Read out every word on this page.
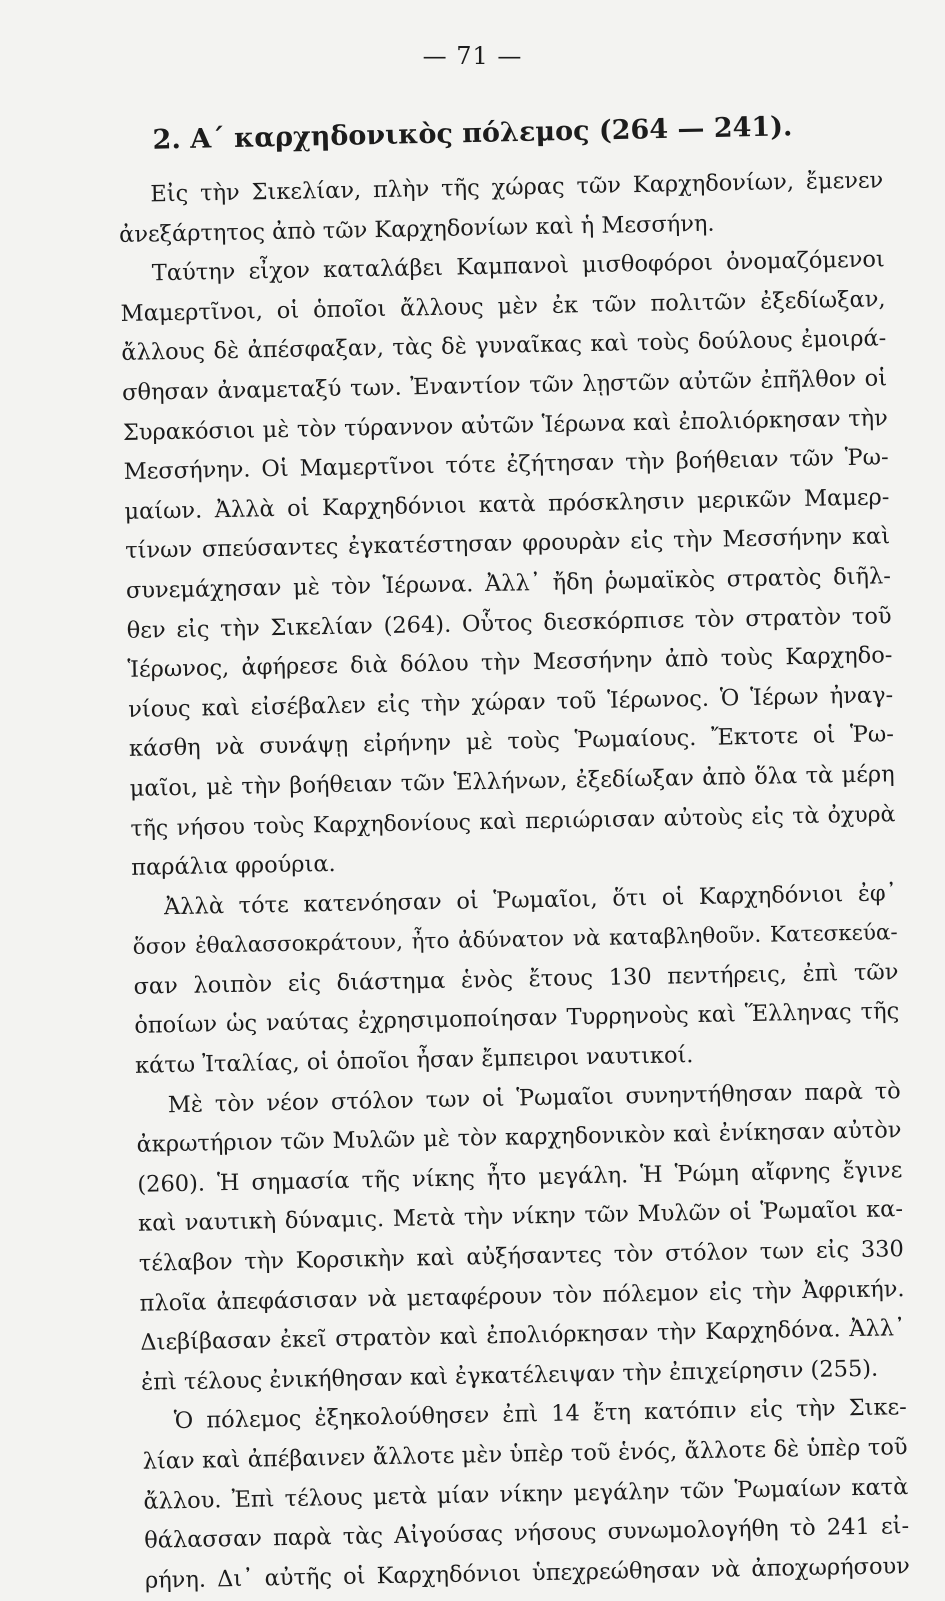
— 71 —
2. Α΄ καρχηδονικὸς πόλεμος (264 — 241).
Εἰς τὴν Σικελίαν, πλὴν τῆς χώρας τῶν Καρχηδονίων, ἔμενεν
ἀνεξάρτητος ἀπὸ τῶν Καρχηδονίων καὶ ἡ Μεσσήνη.
Ταύτην εἶχον καταλάβει Καμπανοὶ μισθοφόροι ὀνομαζόμενοι
Μαμερτῖνοι, οἱ ὁποῖοι ἄλλους μὲν ἐκ τῶν πολιτῶν ἐξεδίωξαν,
ἄλλους δὲ ἀπέσφαξαν, τὰς δὲ γυναῖκας καὶ τοὺς δούλους ἐμοιρά-
σθησαν ἀναμεταξύ των. Ἐναντίον τῶν λῃστῶν αὐτῶν ἐπῆλθον οἱ
Συρακόσιοι μὲ τὸν τύραννον αὐτῶν Ἱέρωνα καὶ ἐπολιόρκησαν τὴν
Μεσσήνην. Οἱ Μαμερτῖνοι τότε ἐζήτησαν τὴν βοήθειαν τῶν Ῥω-
μαίων. Ἀλλὰ οἱ Καρχηδόνιοι κατὰ πρόσκλησιν μερικῶν Μαμερ-
τίνων σπεύσαντες ἐγκατέστησαν φρουρὰν εἰς τὴν Μεσσήνην καὶ
συνεμάχησαν μὲ τὸν Ἱέρωνα. Ἀλλ᾽ ἤδη ῥωμαϊκὸς στρατὸς διῆλ-
θεν εἰς τὴν Σικελίαν (264). Οὗτος διεσκόρπισε τὸν στρατὸν τοῦ
Ἱέρωνος, ἀφήρεσε διὰ δόλου τὴν Μεσσήνην ἀπὸ τοὺς Καρχηδο-
νίους καὶ εἰσέβαλεν εἰς τὴν χώραν τοῦ Ἱέρωνος. Ὁ Ἱέρων ἠναγ-
κάσθη νὰ συνάψῃ εἰρήνην μὲ τοὺς Ῥωμαίους. Ἔκτοτε οἱ Ῥω-
μαῖοι, μὲ τὴν βοήθειαν τῶν Ἑλλήνων, ἐξεδίωξαν ἀπὸ ὅλα τὰ μέρη
τῆς νήσου τοὺς Καρχηδονίους καὶ περιώρισαν αὐτοὺς εἰς τὰ ὀχυρὰ
παράλια φρούρια.
Ἀλλὰ τότε κατενόησαν οἱ Ῥωμαῖοι, ὅτι οἱ Καρχηδόνιοι ἐφ᾽
ὅσον ἐθαλασσοκράτουν, ἦτο ἀδύνατον νὰ καταβληθοῦν. Κατεσκεύα-
σαν λοιπὸν εἰς διάστημα ἑνὸς ἔτους 130 πεντήρεις, ἐπὶ τῶν
ὁποίων ὡς ναύτας ἐχρησιμοποίησαν Τυρρηνοὺς καὶ Ἕλληνας τῆς
κάτω Ἰταλίας, οἱ ὁποῖοι ἦσαν ἔμπειροι ναυτικοί.
Μὲ τὸν νέον στόλον των οἱ Ῥωμαῖοι συνηντήθησαν παρὰ τὸ
ἀκρωτήριον τῶν Μυλῶν μὲ τὸν καρχηδονικὸν καὶ ἐνίκησαν αὐτὸν
(260). Ἡ σημασία τῆς νίκης ἦτο μεγάλη. Ἡ Ῥώμη αἴφνης ἔγινε
καὶ ναυτικὴ δύναμις. Μετὰ τὴν νίκην τῶν Μυλῶν οἱ Ῥωμαῖοι κα-
τέλαβον τὴν Κορσικὴν καὶ αὐξήσαντες τὸν στόλον των εἰς 330
πλοῖα ἀπεφάσισαν νὰ μεταφέρουν τὸν πόλεμον εἰς τὴν Ἀφρικήν.
Διεβίβασαν ἐκεῖ στρατὸν καὶ ἐπολιόρκησαν τὴν Καρχηδόνα. Ἀλλ᾽
ἐπὶ τέλους ἐνικήθησαν καὶ ἐγκατέλειψαν τὴν ἐπιχείρησιν (255).
Ὁ πόλεμος ἐξηκολούθησεν ἐπὶ 14 ἔτη κατόπιν εἰς τὴν Σικε-
λίαν καὶ ἀπέβαινεν ἄλλοτε μὲν ὑπὲρ τοῦ ἑνός, ἄλλοτε δὲ ὑπὲρ τοῦ
ἄλλου. Ἐπὶ τέλους μετὰ μίαν νίκην μεγάλην τῶν Ῥωμαίων κατὰ
θάλασσαν παρὰ τὰς Αἰγούσας νήσους συνωμολογήθη τὸ 241 εἰ-
ρήνη. Δι᾽ αὐτῆς οἱ Καρχηδόνιοι ὑπεχρεώθησαν νὰ ἀποχωρήσουν
